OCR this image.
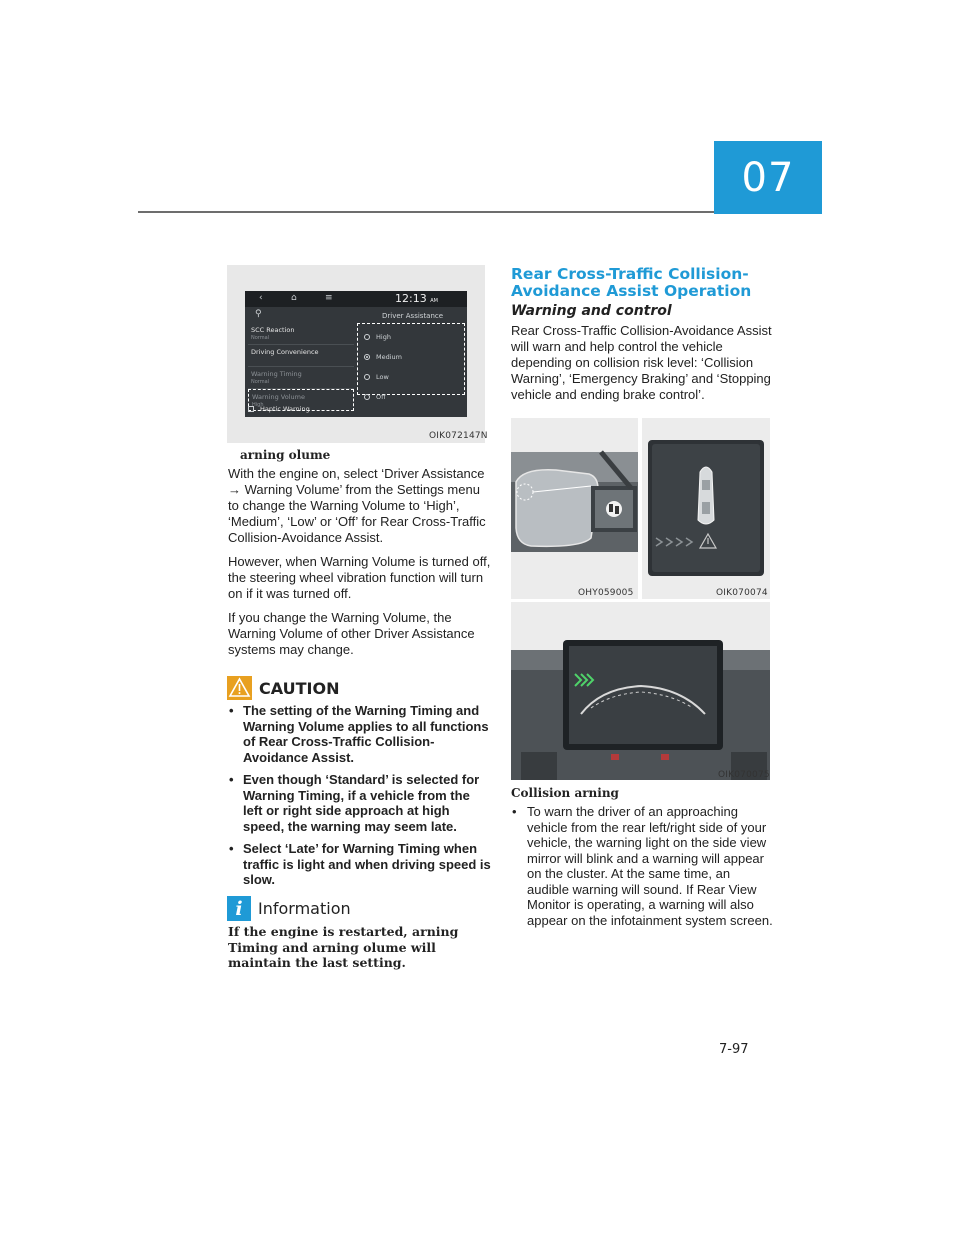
07
‹	⌂	≡	12:13 AM
⚲	Driver Assistance
SCC Reaction
Normal
Driving Convenience
Warning Timing
Normal
Warning Volume
High
Haptic Warning
High
Medium
Low
Off
OIK072147N
arning olume

With the engine on, select ‘Driver Assistance → Warning Volume’ from the Settings menu to change the Warning Volume to ‘High’, ‘Medium’, ‘Low’ or ‘Off’ for Rear Cross-Traffic Collision-Avoidance Assist.

However, when Warning Volume is turned off, the steering wheel vibration function will turn on if it was turned off.

If you change the Warning Volume, the Warning Volume of other Driver Assistance systems may change.

CAUTION
• The setting of the Warning Timing and Warning Volume applies to all functions of Rear Cross-Traffic Collision-Avoidance Assist.
• Even though ‘Standard’ is selected for Warning Timing, if a vehicle from the left or right side approach at high speed, the warning may seem late.
• Select ‘Late’ for Warning Timing when traffic is light and when driving speed is slow.
i Information
If the engine is restarted, arning Timing and arning olume will maintain the last setting.
Rear Cross-Traffic Collision-Avoidance Assist Operation
Warning and control
Rear Cross-Traffic Collision-Avoidance Assist will warn and help control the vehicle depending on collision risk level: ‘Collision Warning’, ‘Emergency Braking’ and ‘Stopping vehicle and ending brake control’.
OHY059005	OIK070074
OIK070075
Collision arning
• To warn the driver of an approaching vehicle from the rear left/right side of your vehicle, the warning light on the side view mirror will blink and a warning will appear on the cluster. At the same time, an audible warning will sound. If Rear View Monitor is operating, a warning will also appear on the infotainment system screen.
7-97
